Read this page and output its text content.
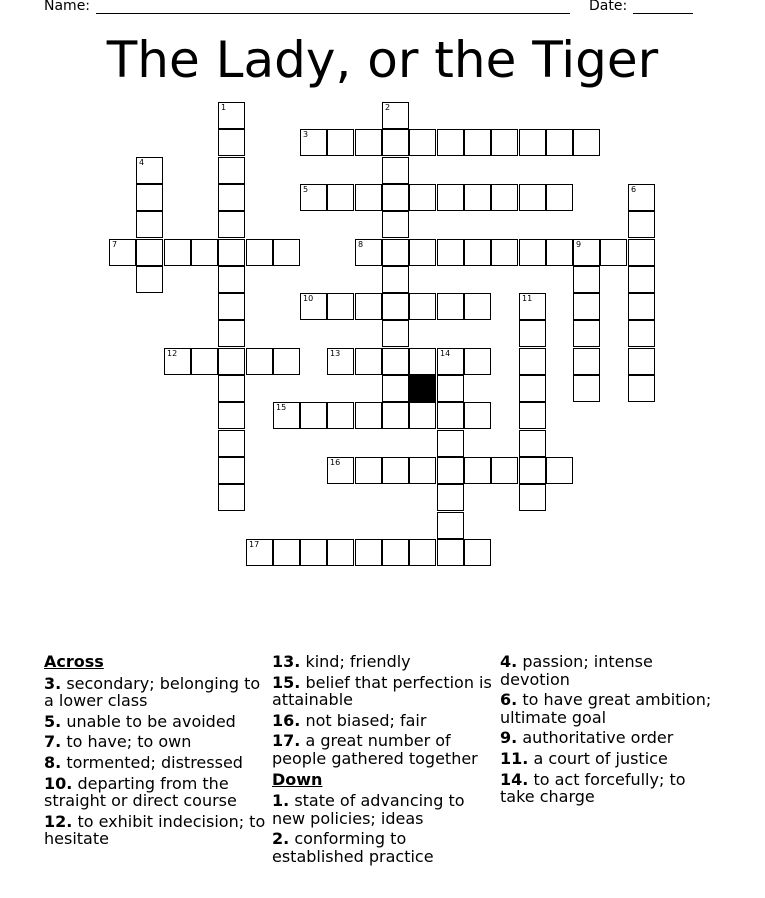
Name:	Date:
The Lady, or the Tiger
1	2
3
4
5	6
7	8	9
10	11
12	13	14
15
16
17
Across
3. secondary; belonging to a lower class
5. unable to be avoided
7. to have; to own
8. tormented; distressed
10. departing from the straight or direct course
12. to exhibit indecision; to hesitate
13. kind; friendly
15. belief that perfection is attainable
16. not biased; fair
17. a great number of people gathered together
Down
1. state of advancing to new policies; ideas
2. conforming to established practice
4. passion; intense devotion
6. to have great ambition; ultimate goal
9. authoritative order
11. a court of justice
14. to act forcefully; to take charge
